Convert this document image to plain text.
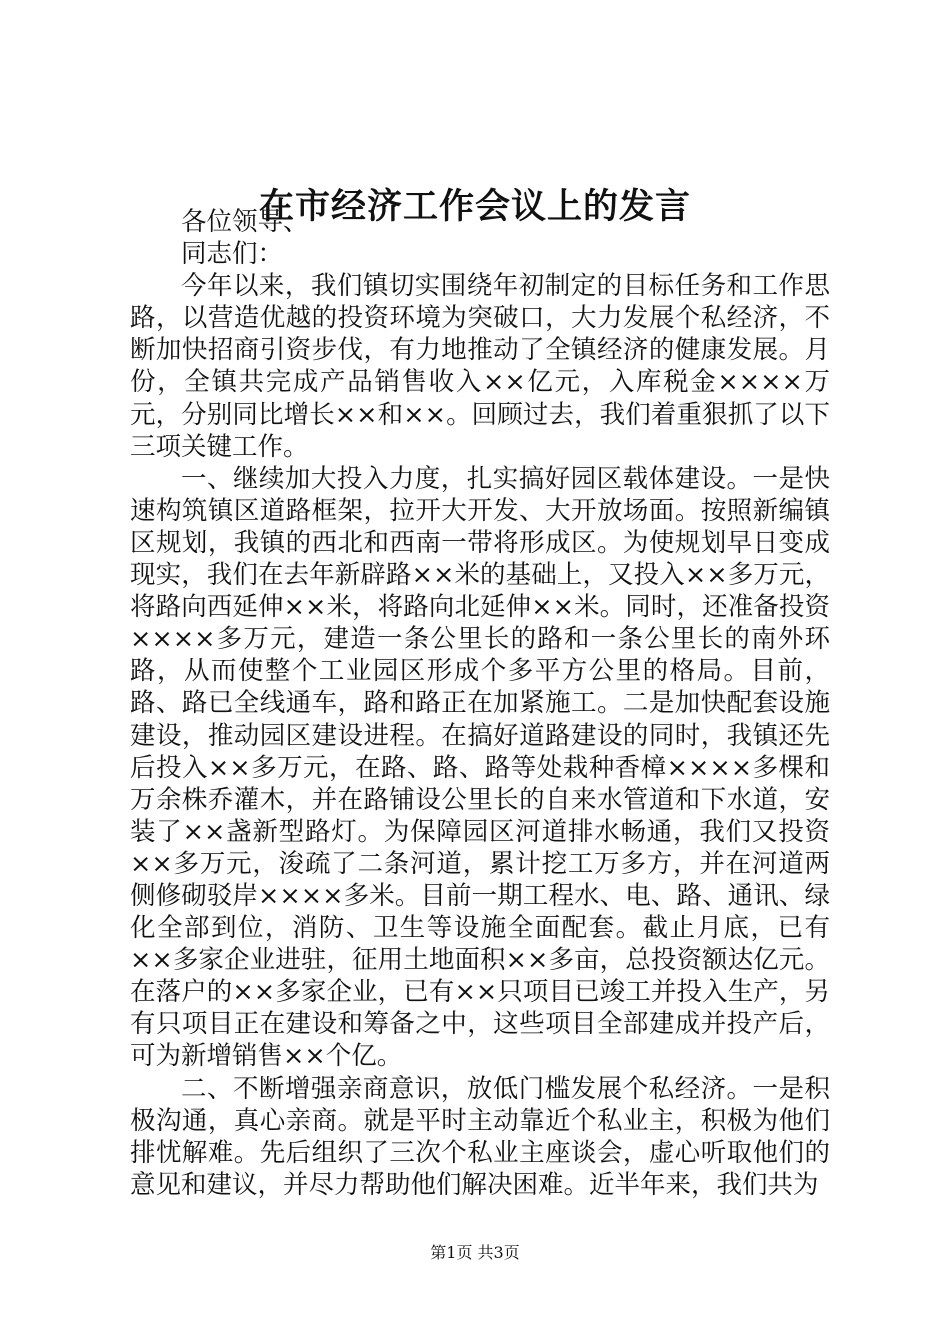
在市经济工作会议上的发言

各位领导、

同志们：

今年以来，我们镇切实围绕年初制定的目标任务和工作思路，以营造优越的投资环境为突破口，大力发展个私经济，不断加快招商引资步伐，有力地推动了全镇经济的健康发展。月份，全镇共完成产品销售收入××亿元，入库税金××××万元，分别同比增长××和××。回顾过去，我们着重狠抓了以下三项关键工作。

一、继续加大投入力度，扎实搞好园区载体建设。一是快速构筑镇区道路框架，拉开大开发、大开放场面。按照新编镇区规划，我镇的西北和西南一带将形成区。为使规划早日变成现实，我们在去年新辟路××米的基础上，又投入××多万元，将路向西延伸××米，将路向北延伸××米。同时，还准备投资××××多万元，建造一条公里长的路和一条公里长的南外环路，从而使整个工业园区形成个多平方公里的格局。目前，路、路已全线通车，路和路正在加紧施工。二是加快配套设施建设，推动园区建设进程。在搞好道路建设的同时，我镇还先后投入××多万元，在路、路、路等处栽种香樟××××多棵和万余株乔灌木，并在路铺设公里长的自来水管道和下水道，安装了××盏新型路灯。为保障园区河道排水畅通，我们又投资××多万元，浚疏了二条河道，累计挖工万多方，并在河道两侧修砌驳岸××××多米。目前一期工程水、电、路、通讯、绿化全部到位，消防、卫生等设施全面配套。截止月底，已有××多家企业进驻，征用土地面积××多亩，总投资额达亿元。在落户的××多家企业，已有××只项目已竣工并投入生产，另有只项目正在建设和筹备之中，这些项目全部建成并投产后，可为新增销售××个亿。

二、不断增强亲商意识，放低门槛发展个私经济。一是积极沟通，真心亲商。就是平时主动靠近个私业主，积极为他们排忧解难。先后组织了三次个私业主座谈会，虚心听取他们的意见和建议，并尽力帮助他们解决困难。近半年来，我们共为

第1页 共3页
